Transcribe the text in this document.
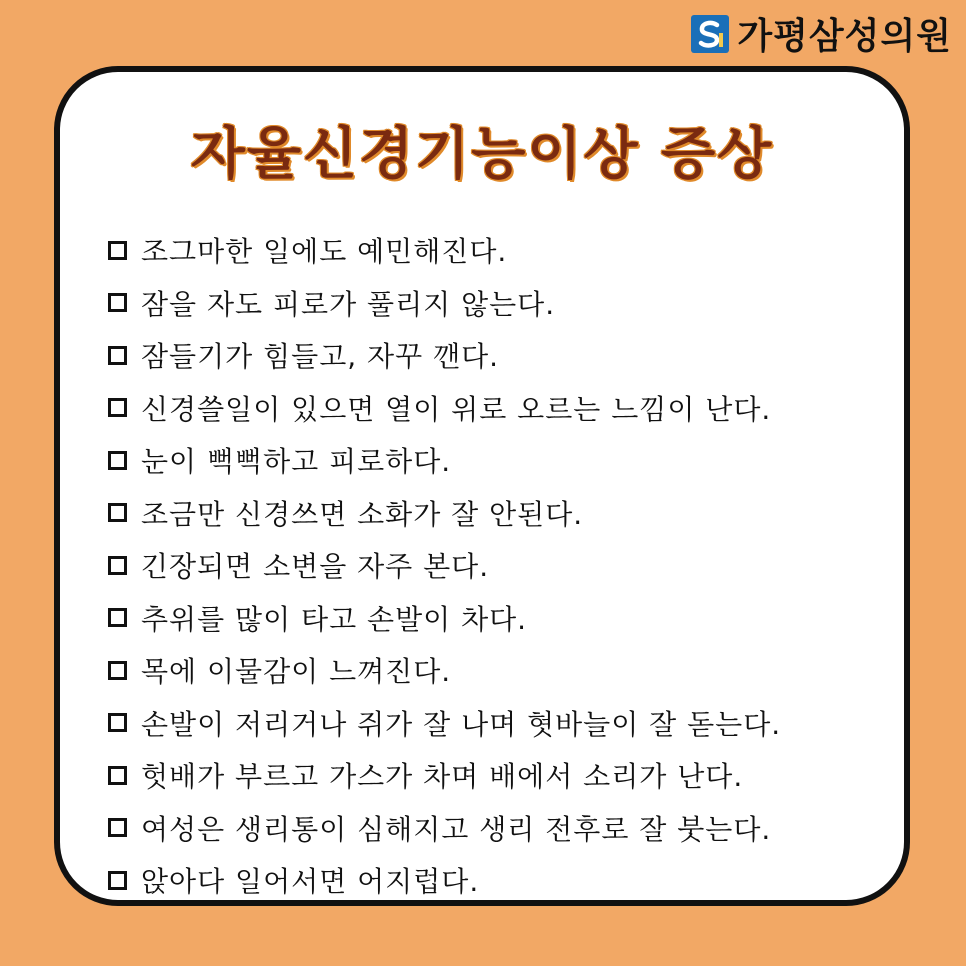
가평삼성의원
자율신경기능이상 증상
조그마한 일에도 예민해진다.
잠을 자도 피로가 풀리지 않는다.
잠들기가 힘들고, 자꾸 깬다.
신경쓸일이 있으면 열이 위로 오르는 느낌이 난다.
눈이 뻑뻑하고 피로하다.
조금만 신경쓰면 소화가 잘 안된다.
긴장되면 소변을 자주 본다.
추위를 많이 타고 손발이 차다.
목에 이물감이 느껴진다.
손발이 저리거나 쥐가 잘 나며 혓바늘이 잘 돋는다.
헛배가 부르고 가스가 차며 배에서 소리가 난다.
여성은 생리통이 심해지고 생리 전후로 잘 붓는다.
앉아다 일어서면 어지럽다.
